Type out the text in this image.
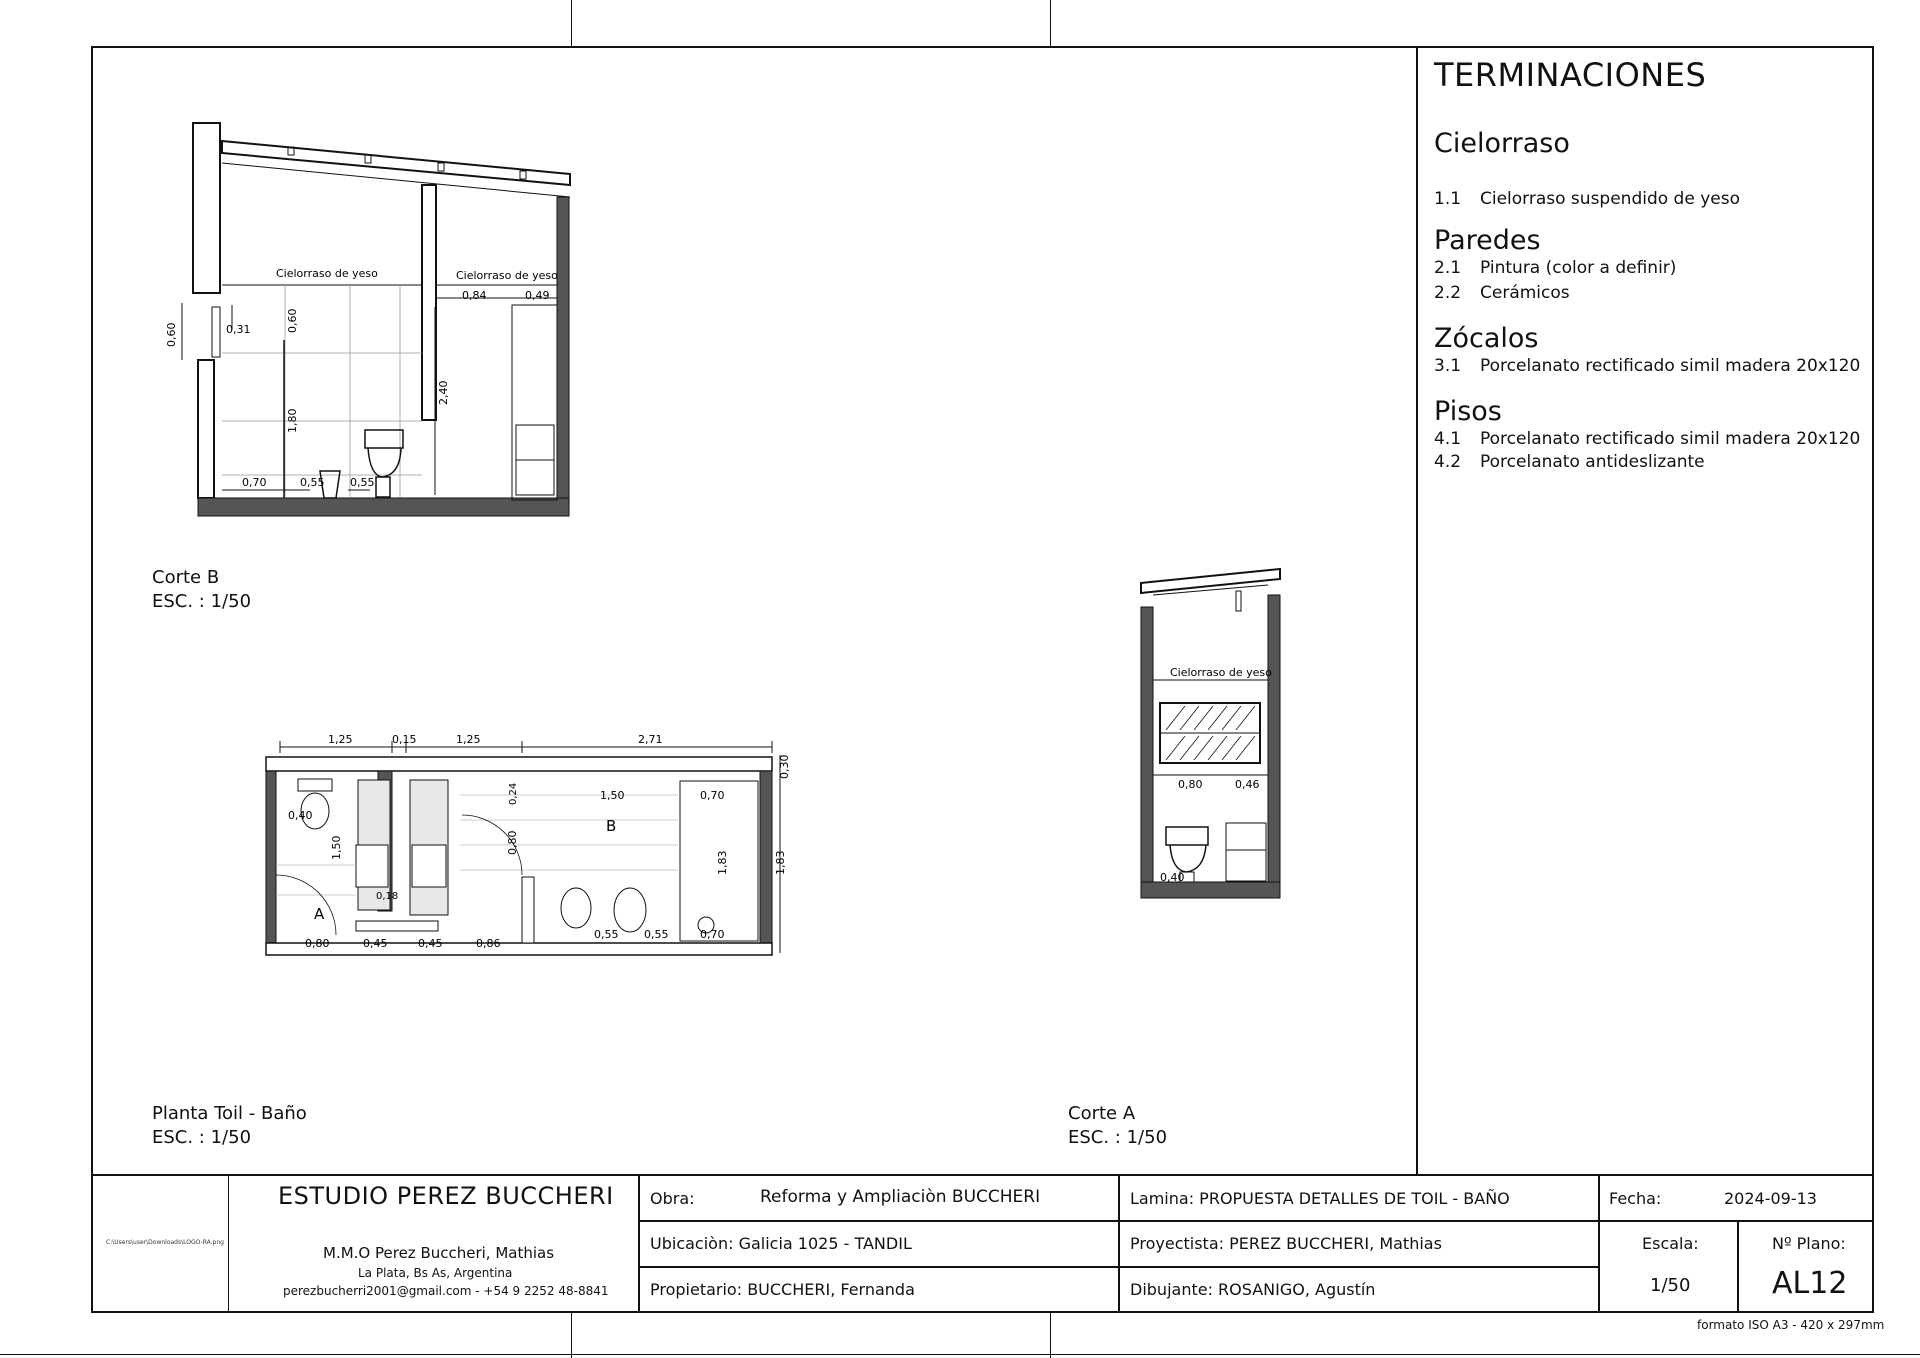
TERMINACIONES
Cielorraso
1.1 Cielorraso suspendido de yeso
Paredes
2.1 Pintura (color a definir)
2.2 Cerámicos
Zócalos
3.1 Porcelanato rectificado simil madera 20x120
Pisos
4.1 Porcelanato rectificado simil madera 20x120
4.2 Porcelanato antideslizante
Cielorraso de yeso	Cielorraso de yeso
0,84	0,49
0,60	0,31	0,60
2,40
1,80
0,70	0,55 0,55
Corte B
ESC. : 1/50
1,25	0,15	1,25	2,71
0,40
1,50
0,18
0,24
0,80
1,50	0,70
1,83
0,30
1,83
0,80	0,45	0,45	0,86
0,55 0,55	0,70
A
B
Planta Toil - Baño
ESC. : 1/50
Cielorraso de yeso
0,80	0,46
0,40
Corte A
ESC. : 1/50
C:\Users\user\Downloads\LOGO-RA.png
ESTUDIO PEREZ BUCCHERI
M.M.O Perez Buccheri, Mathias
La Plata, Bs As, Argentina
perezbucherri2001@gmail.com - +54 9 2252 48-8841
Obra:	Reforma y Ampliaciòn BUCCHERI
Ubicaciòn: Galicia 1025 - TANDIL
Propietario: BUCCHERI, Fernanda
Lamina: PROPUESTA DETALLES DE TOIL - BAÑO
Proyectista: PEREZ BUCCHERI, Mathias
Dibujante: ROSANIGO, Agustín
Fecha:	2024-09-13
Escala:
1/50
Nº Plano:
AL12
formato ISO A3 - 420 x 297mm
